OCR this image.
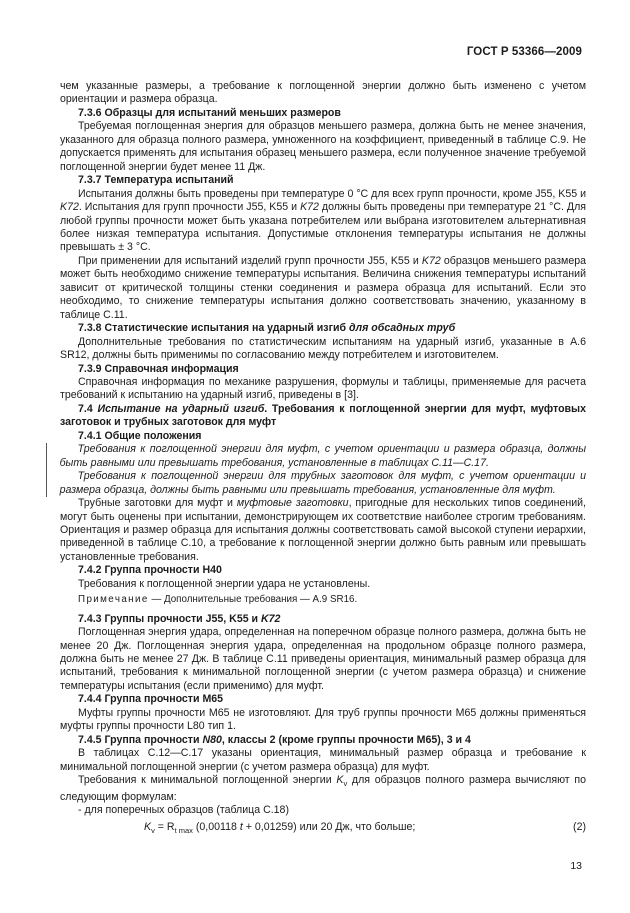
ГОСТ Р 53366—2009

чем указанные размеры, а требование к поглощенной энергии должно быть изменено с учетом ориентации и размера образца.

7.3.6 Образцы для испытаний меньших размеров

Требуемая поглощенная энергия для образцов меньшего размера, должна быть не менее значения, указанного для образца полного размера, умноженного на коэффициент, приведенный в таблице С.9. Не допускается применять для испытания образец меньшего размера, если полученное значение требуемой поглощенной энергии будет менее 11 Дж.

7.3.7 Температура испытаний

Испытания должны быть проведены при температуре 0 °С для всех групп прочности, кроме J55, K55 и K72. Испытания для групп прочности J55, K55 и K72 должны быть проведены при температуре 21 °С. Для любой группы прочности может быть указана потребителем или выбрана изготовителем альтернативная более низкая температура испытания. Допустимые отклонения температуры испытания не должны превышать ± 3 °С.

При применении для испытаний изделий групп прочности J55, K55 и K72 образцов меньшего размера может быть необходимо снижение температуры испытания. Величина снижения температуры испытаний зависит от критической толщины стенки соединения и размера образца для испытаний. Если это необходимо, то снижение температуры испытания должно соответствовать значению, указанному в таблице С.11.

7.3.8 Статистические испытания на ударный изгиб для обсадных труб

Дополнительные требования по статистическим испытаниям на ударный изгиб, указанные в А.6 SR12, должны быть применимы по согласованию между потребителем и изготовителем.

7.3.9 Справочная информация

Справочная информация по механике разрушения, формулы и таблицы, применяемые для расчета требований к испытанию на ударный изгиб, приведены в [3].

7.4 Испытание на ударный изгиб. Требования к поглощенной энергии для муфт, муфтовых заготовок и трубных заготовок для муфт

7.4.1 Общие положения

Требования к поглощенной энергии для муфт, с учетом ориентации и размера образца, должны быть равными или превышать требования, установленные в таблицах С.11—С.17.

Требования к поглощенной энергии для трубных заготовок для муфт, с учетом ориентации и размера образца, должны быть равными или превышать требования, установленные для муфт.

Трубные заготовки для муфт и муфтовые заготовки, пригодные для нескольких типов соединений, могут быть оценены при испытании, демонстрирующем их соответствие наиболее строгим требованиям. Ориентация и размер образца для испытания должны соответствовать самой высокой ступени иерархии, приведенной в таблице С.10, а требование к поглощенной энергии должно быть равным или превышать установленные требования.

7.4.2 Группа прочности H40

Требования к поглощенной энергии удара не установлены.

Примечание — Дополнительные требования — А.9 SR16.

7.4.3 Группы прочности J55, K55 и K72

Поглощенная энергия удара, определенная на поперечном образце полного размера, должна быть не менее 20 Дж. Поглощенная энергия удара, определенная на продольном образце полного размера, должна быть не менее 27 Дж. В таблице С.11 приведены ориентация, минимальный размер образца для испытаний, требования к минимальной поглощенной энергии (с учетом размера образца) и снижение температуры испытания (если применимо) для муфт.

7.4.4 Группа прочности M65

Муфты группы прочности M65 не изготовляют. Для труб группы прочности M65 должны применяться муфты группы прочности L80 тип 1.

7.4.5 Группа прочности N80, классы 2 (кроме группы прочности M65), 3 и 4

В таблицах С.12—С.17 указаны ориентация, минимальный размер образца и требование к минимальной поглощенной энергии (с учетом размера образца) для муфт.

Требования к минимальной поглощенной энергии $K_v$ для образцов полного размера вычисляют по следующим формулам:

- для поперечных образцов (таблица С.18)

$K_v = R_{t max}$ (0,00118 t + 0,01259) или 20 Дж, что больше;	(2)

13
